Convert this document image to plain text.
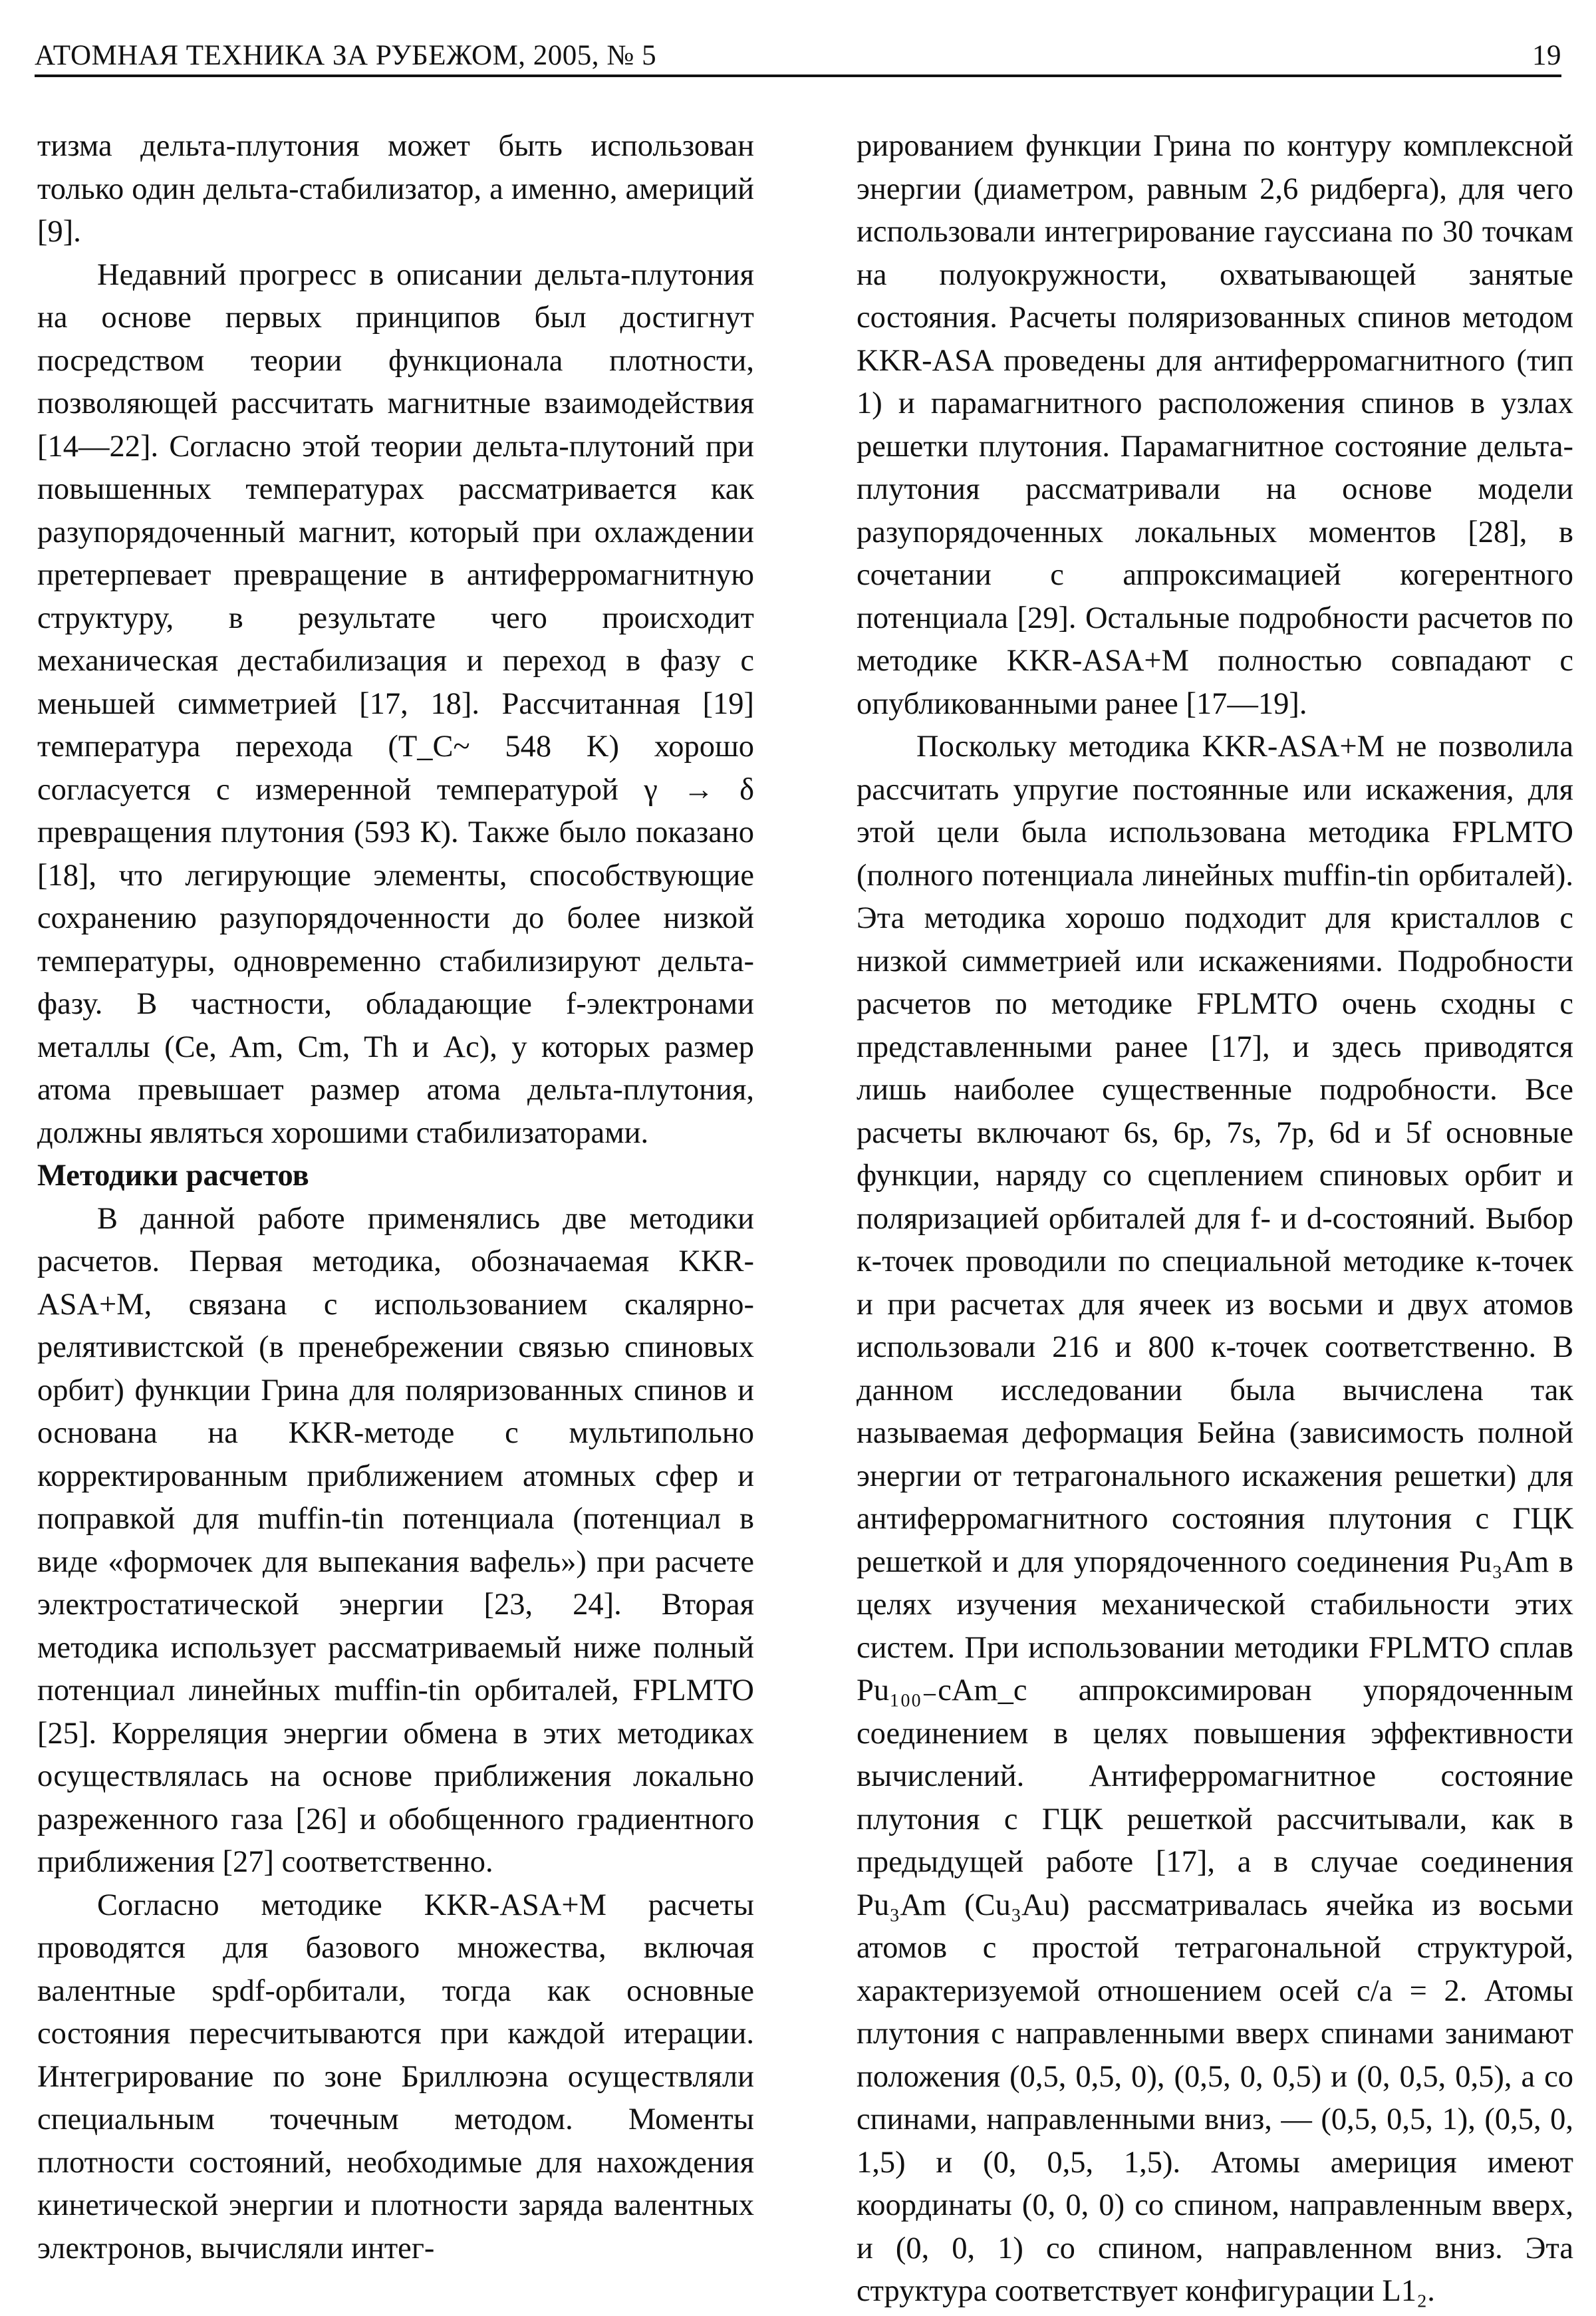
АТОМНАЯ ТЕХНИКА ЗА РУБЕЖОМ, 2005, № 5	19

тизма дельта-плутония может быть использован только один дельта-стабилизатор, а именно, америций [9].

Недавний прогресс в описании дельта-плутония на основе первых принципов был достигнут посредством теории функционала плотности, позволяющей рассчитать магнитные взаимодействия [14—22]. Согласно этой теории дельта-плутоний при повышенных температурах рассматривается как разупорядоченный магнит, который при охлаждении претерпевает превращение в антиферромагнитную структуру, в результате чего происходит механическая дестабилизация и переход в фазу с меньшей симметрией [17, 18]. Рассчитанная [19] температура перехода (T_C~ 548 K) хорошо согласуется с измеренной температурой γ → δ превращения плутония (593 К). Также было показано [18], что легирующие элементы, способствующие сохранению разупорядоченности до более низкой температуры, одновременно стабилизируют дельта-фазу. В частности, обладающие f-электронами металлы (Ce, Am, Cm, Th и Ac), у которых размер атома превышает размер атома дельта-плутония, должны являться хорошими стабилизаторами.

Методики расчетов

В данной работе применялись две методики расчетов. Первая методика, обозначаемая KKR-ASA+M, связана с использованием скалярно-релятивистской (в пренебрежении связью спиновых орбит) функции Грина для поляризованных спинов и основана на KKR-методе с мультипольно корректированным приближением атомных сфер и поправкой для muffin-tin потенциала (потенциал в виде «формочек для выпекания вафель») при расчете электростатической энергии [23, 24]. Вторая методика использует рассматриваемый ниже полный потенциал линейных muffin-tin орбиталей, FPLMTO [25]. Корреляция энергии обмена в этих методиках осуществлялась на основе приближения локально разреженного газа [26] и обобщенного градиентного приближения [27] соответственно.

Согласно методике KKR-ASA+M расчеты проводятся для базового множества, включая валентные spdf-орбитали, тогда как основные состояния пересчитываются при каждой итерации. Интегрирование по зоне Бриллюэна осуществляли специальным точечным методом. Моменты плотности состояний, необходимые для нахождения кинетической энергии и плотности заряда валентных электронов, вычисляли интег-

рированием функции Грина по контуру комплексной энергии (диаметром, равным 2,6 ридберга), для чего использовали интегрирование гауссиана по 30 точкам на полуокружности, охватывающей занятые состояния. Расчеты поляризованных спинов методом KKR-ASA проведены для антиферромагнитного (тип 1) и парамагнитного расположения спинов в узлах решетки плутония. Парамагнитное состояние дельта-плутония рассматривали на основе модели разупорядоченных локальных моментов [28], в сочетании с аппроксимацией когерентного потенциала [29]. Остальные подробности расчетов по методике KKR-ASA+M полностью совпадают с опубликованными ранее [17—19].

Поскольку методика KKR-ASA+M не позволила рассчитать упругие постоянные или искажения, для этой цели была использована методика FPLMTO (полного потенциала линейных muffin-tin орбиталей). Эта методика хорошо подходит для кристаллов с низкой симметрией или искажениями. Подробности расчетов по методике FPLMTO очень сходны с представленными ранее [17], и здесь приводятся лишь наиболее существенные подробности. Все расчеты включают 6s, 6p, 7s, 7p, 6d и 5f основные функции, наряду со сцеплением спиновых орбит и поляризацией орбиталей для f- и d-состояний. Выбор к-точек проводили по специальной методике к-точек и при расчетах для ячеек из восьми и двух атомов использовали 216 и 800 к-точек соответственно. В данном исследовании была вычислена так называемая деформация Бейна (зависимость полной энергии от тетрагонального искажения решетки) для антиферромагнитного состояния плутония с ГЦК решеткой и для упорядоченного соединения Pu₃Am в целях изучения механической стабильности этих систем. При использовании методики FPLMTO сплав Pu₁₀₀₋cAm_c аппроксимирован упорядоченным соединением в целях повышения эффективности вычислений. Антиферромагнитное состояние плутония с ГЦК решеткой рассчитывали, как в предыдущей работе [17], а в случае соединения Pu₃Am (Cu₃Au) рассматривалась ячейка из восьми атомов с простой тетрагональной структурой, характеризуемой отношением осей c/a = 2. Атомы плутония с направленными вверх спинами занимают положения (0,5, 0,5, 0), (0,5, 0, 0,5) и (0, 0,5, 0,5), а со спинами, направленными вниз, — (0,5, 0,5, 1), (0,5, 0, 1,5) и (0, 0,5, 1,5). Атомы америция имеют координаты (0, 0, 0) со спином, направленным вверх, и (0, 0, 1) со спином, направленном вниз. Эта структура соответствует конфигурации L1₂.
